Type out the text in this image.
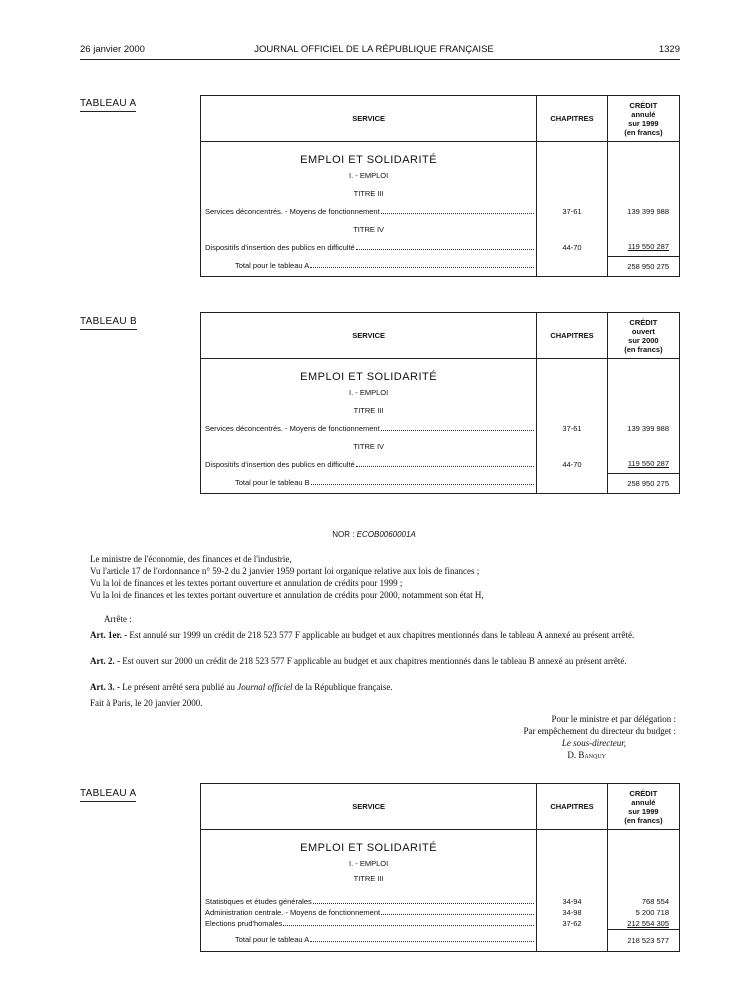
26 janvier 2000	JOURNAL OFFICIEL DE LA RÉPUBLIQUE FRANÇAISE	1329
TABLEAU A
SERVICE	CHAPITRES	CRÉDIT
annulé
sur 1999
(en francs)

EMPLOI ET SOLIDARITÉ		
I. - EMPLOI		
TITRE III		

Services déconcentrés. - Moyens de fonctionnement	37-61	139 399 988
TITRE IV		

Dispositifs d'insertion des publics en difficulté	44-70	119 550 287

Total pour le tableau A		258 950 275
TABLEAU B
SERVICE	CHAPITRES	CRÉDIT
ouvert
sur 2000
(en francs)

EMPLOI ET SOLIDARITÉ		
I. - EMPLOI		
TITRE III		

Services déconcentrés. - Moyens de fonctionnement	37-61	139 399 988
TITRE IV		

Dispositifs d'insertion des publics en difficulté	44-70	119 550 287

Total pour le tableau B		258 950 275
NOR : ECOB0060001A
Le ministre de l'économie, des finances et de l'industrie,
Vu l'article 17 de l'ordonnance n° 59-2 du 2 janvier 1959 portant loi organique relative aux lois de finances ;
Vu la loi de finances et les textes portant ouverture et annulation de crédits pour 1999 ;
Vu la loi de finances et les textes portant ouverture et annulation de crédits pour 2000, notamment son état H,
Arrête :
Art. 1er. - Est annulé sur 1999 un crédit de 218 523 577 F applicable au budget et aux chapitres mentionnés dans le tableau A annexé au présent arrêté.
Art. 2. - Est ouvert sur 2000 un crédit de 218 523 577 F applicable au budget et aux chapitres mentionnés dans le tableau B annexé au présent arrêté.
Art. 3. - Le présent arrêté sera publié au Journal officiel de la République française.
Fait à Paris, le 20 janvier 2000.
Pour le ministre et par délégation :
Par empêchement du directeur du budget :
Le sous-directeur,
D. Banquy
TABLEAU A
SERVICE	CHAPITRES	CRÉDIT
annulé
sur 1999
(en francs)

EMPLOI ET SOLIDARITÉ		
I. - EMPLOI		
TITRE III		

Statistiques et études générales	34-94	768 554

Administration centrale. - Moyens de fonctionnement	34-98	5 200 718

Elections prud'homales	37-62	212 554 305

Total pour le tableau A		218 523 577
